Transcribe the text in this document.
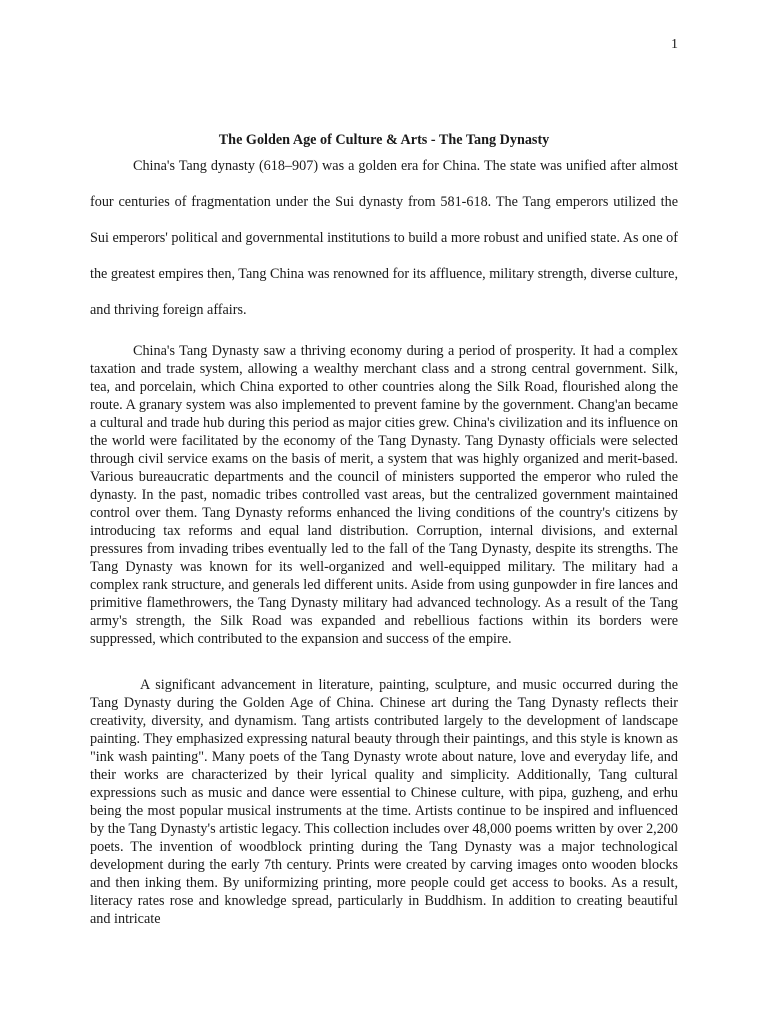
1
The Golden Age of Culture & Arts - The Tang Dynasty

China's Tang dynasty (618–907) was a golden era for China. The state was unified after almost four centuries of fragmentation under the Sui dynasty from 581-618. The Tang emperors utilized the Sui emperors' political and governmental institutions to build a more robust and unified state. As one of the greatest empires then, Tang China was renowned for its affluence, military strength, diverse culture, and thriving foreign affairs.

China's Tang Dynasty saw a thriving economy during a period of prosperity. It had a complex taxation and trade system, allowing a wealthy merchant class and a strong central government. Silk, tea, and porcelain, which China exported to other countries along the Silk Road, flourished along the route. A granary system was also implemented to prevent famine by the government. Chang'an became a cultural and trade hub during this period as major cities grew. China's civilization and its influence on the world were facilitated by the economy of the Tang Dynasty. Tang Dynasty officials were selected through civil service exams on the basis of merit, a system that was highly organized and merit-based. Various bureaucratic departments and the council of ministers supported the emperor who ruled the dynasty. In the past, nomadic tribes controlled vast areas, but the centralized government maintained control over them. Tang Dynasty reforms enhanced the living conditions of the country's citizens by introducing tax reforms and equal land distribution. Corruption, internal divisions, and external pressures from invading tribes eventually led to the fall of the Tang Dynasty, despite its strengths. The Tang Dynasty was known for its well-organized and well-equipped military. The military had a complex rank structure, and generals led different units. Aside from using gunpowder in fire lances and primitive flamethrowers, the Tang Dynasty military had advanced technology. As a result of the Tang army's strength, the Silk Road was expanded and rebellious factions within its borders were suppressed, which contributed to the expansion and success of the empire.

A significant advancement in literature, painting, sculpture, and music occurred during the Tang Dynasty during the Golden Age of China. Chinese art during the Tang Dynasty reflects their creativity, diversity, and dynamism. Tang artists contributed largely to the development of landscape painting. They emphasized expressing natural beauty through their paintings, and this style is known as "ink wash painting". Many poets of the Tang Dynasty wrote about nature, love and everyday life, and their works are characterized by their lyrical quality and simplicity. Additionally, Tang cultural expressions such as music and dance were essential to Chinese culture, with pipa, guzheng, and erhu being the most popular musical instruments at the time. Artists continue to be inspired and influenced by the Tang Dynasty's artistic legacy. This collection includes over 48,000 poems written by over 2,200 poets. The invention of woodblock printing during the Tang Dynasty was a major technological development during the early 7th century. Prints were created by carving images onto wooden blocks and then inking them. By uniformizing printing, more people could get access to books. As a result, literacy rates rose and knowledge spread, particularly in Buddhism. In addition to creating beautiful and intricate
